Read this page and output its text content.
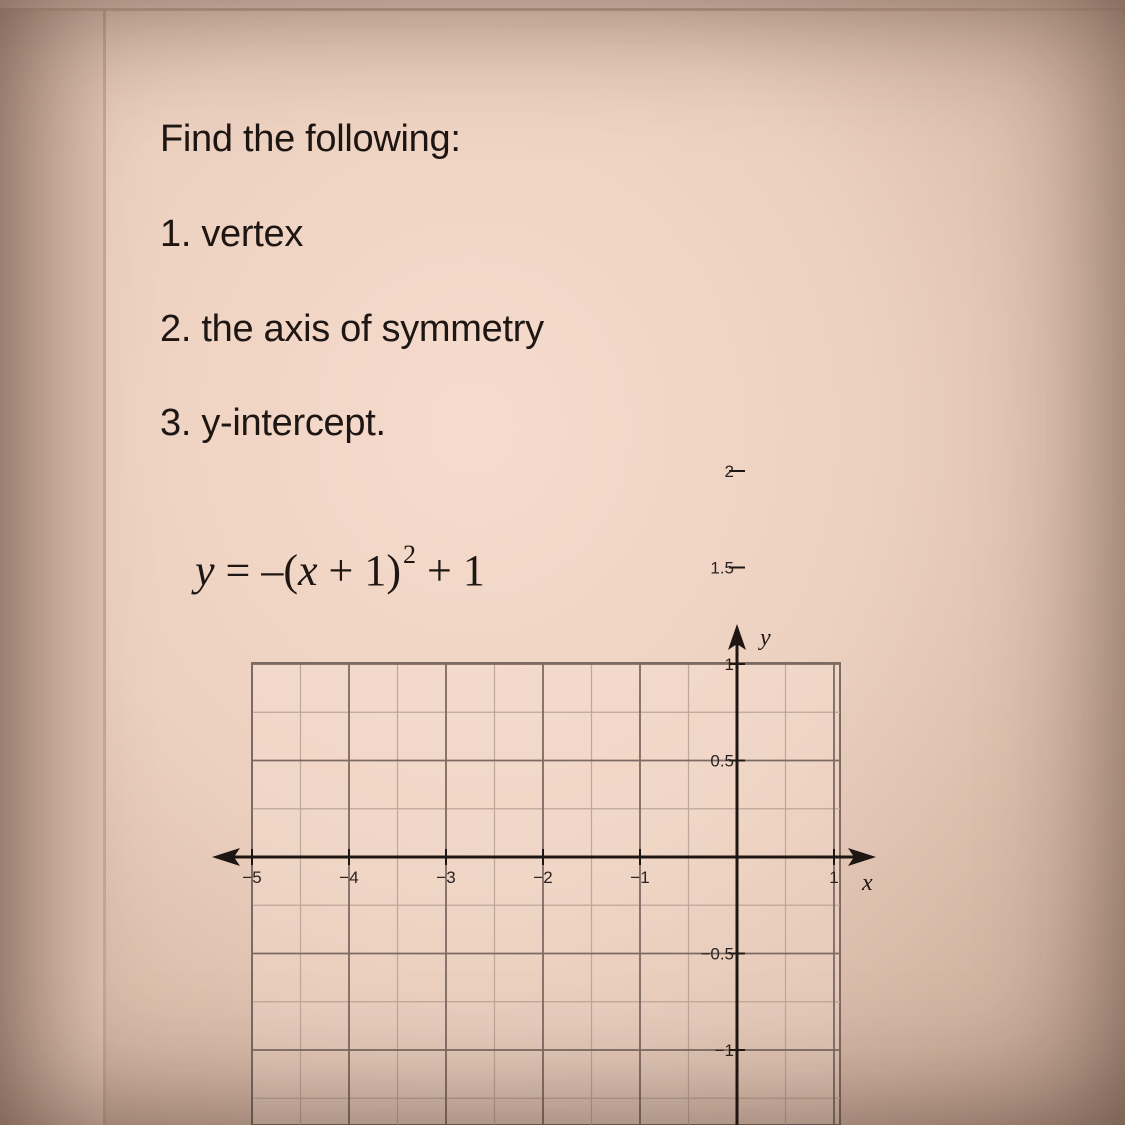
Find the following:
1. vertex
2. the axis of symmetry
3. y-intercept.
$y = -(x + 1)^2 + 1$
−5	−4	−3	−2	−1	1
2
1.5
1
0.5
−0.5
−1
x
y
